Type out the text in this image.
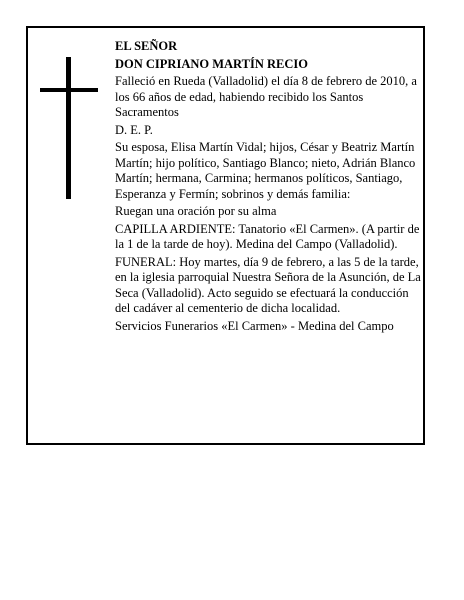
EL SEÑOR

DON CIPRIANO MARTÍN RECIO

Falleció en Rueda (Valladolid) el día 8 de febrero de 2010, a los 66 años de edad, habiendo recibido los Santos Sacramentos

D. E. P.

Su esposa, Elisa Martín Vidal; hijos, César y Beatriz Martín Martín; hijo político, Santiago Blanco; nieto, Adrián Blanco Martín; hermana, Carmina; hermanos políticos, Santiago, Esperanza y Fermín; sobrinos y demás familia:

Ruegan una oración por su alma

CAPILLA ARDIENTE: Tanatorio «El Carmen». (A partir de la 1 de la tarde de hoy). Medina del Campo (Valladolid).

FUNERAL: Hoy martes, día 9 de febrero, a las 5 de la tarde, en la iglesia parroquial Nuestra Señora de la Asunción, de La Seca (Valladolid). Acto seguido se efectuará la conducción del cadáver al cementerio de dicha localidad.

Servicios Funerarios «El Carmen» - Medina del Campo
